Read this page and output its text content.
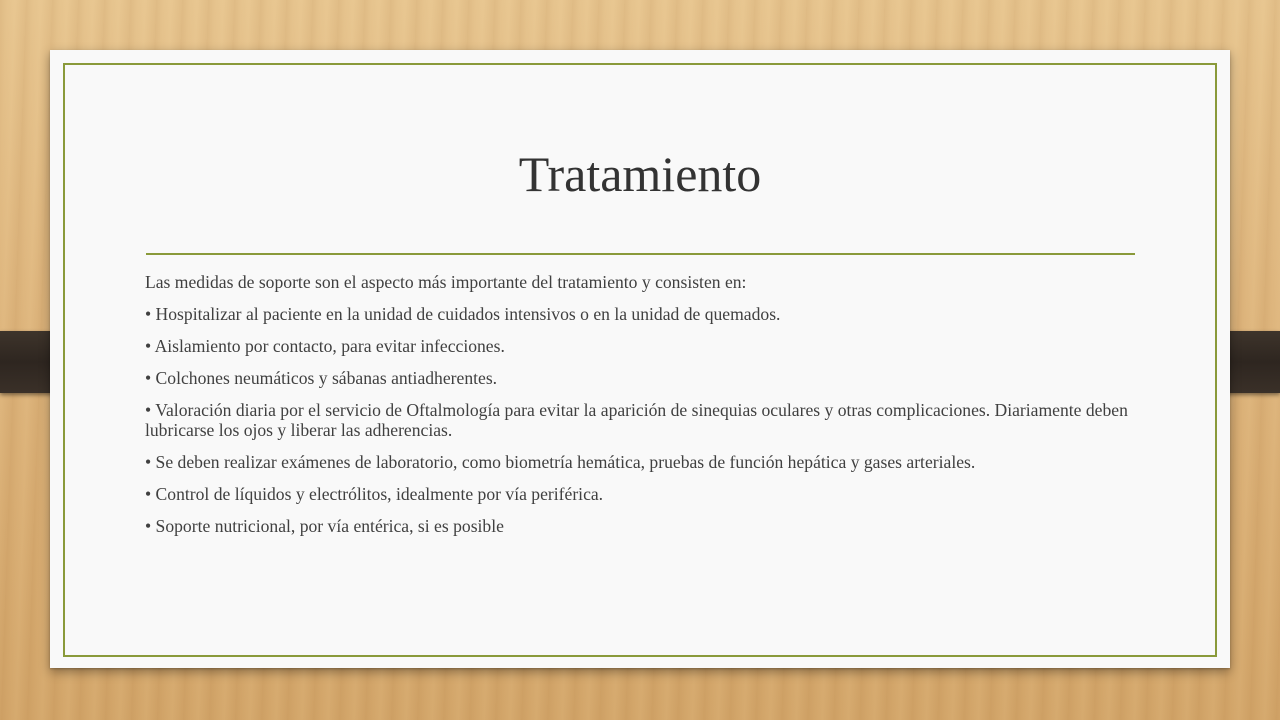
Tratamiento

Las medidas de soporte son el aspecto más importante del tratamiento y consisten en:

• Hospitalizar al paciente en la unidad de cuidados intensivos o en la unidad de quemados.

• Aislamiento por contacto, para evitar infecciones.

• Colchones neumáticos y sábanas antiadherentes.

• Valoración diaria por el servicio de Oftalmología para evitar la aparición de sinequias oculares y otras complicaciones. Diariamente deben lubricarse los ojos y liberar las adherencias.

• Se deben realizar exámenes de laboratorio, como biometría hemática, pruebas de función hepática y gases arteriales.

• Control de líquidos y electrólitos, idealmente por vía periférica.

• Soporte nutricional, por vía entérica, si es posible
